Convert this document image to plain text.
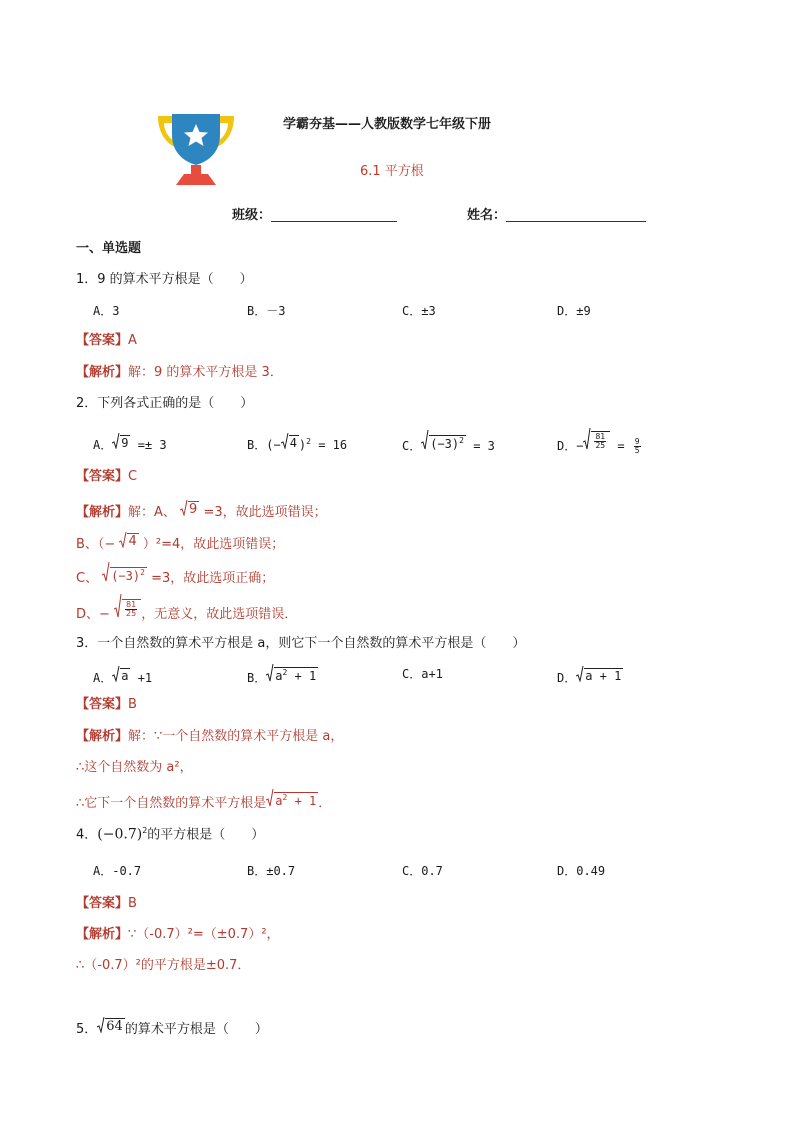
学霸夯基——人教版数学七年级下册
6.1 平方根
班级：	姓名：
一、单选题
1．9 的算术平方根是（　　）
A．3	B．－3	C．±3	D．±9
【答案】A
【解析】解：9 的算术平方根是 3．
2．下列各式正确的是（　　）
A． 9 =± 3	B．(− 4 )$^2$ = 16	C． $(-3)^2 = 3$	D．− $\frac{81}{25} = \frac{9}{5}$
【答案】C
【解析】解：A、 9 =3，故此选项错误；
B、（− 4 ）²=4，故此选项错误；
C、 $(-3)^2 =3$，故此选项正确；
D、− $\frac{81}{25}$ ，无意义，故此选项错误．
3．一个自然数的算术平方根是 a，则它下一个自然数的算术平方根是（　　）
A． a +1	B． $a^2 + 1$	C．a+1	D． a + 1
【答案】B
【解析】解：∵一个自然数的算术平方根是 a，
∴这个自然数为 a²，
∴它下一个自然数的算术平方根是 $a^2 + 1$ ．
4．$(-0.7)^2$的平方根是（　　）
A．-0.7	B．±0.7	C．0.7	D．0.49
【答案】B
【解析】∵（-0.7）²=（±0.7）²，
∴（-0.7）²的平方根是±0.7．
5． 64 的算术平方根是（　　）
